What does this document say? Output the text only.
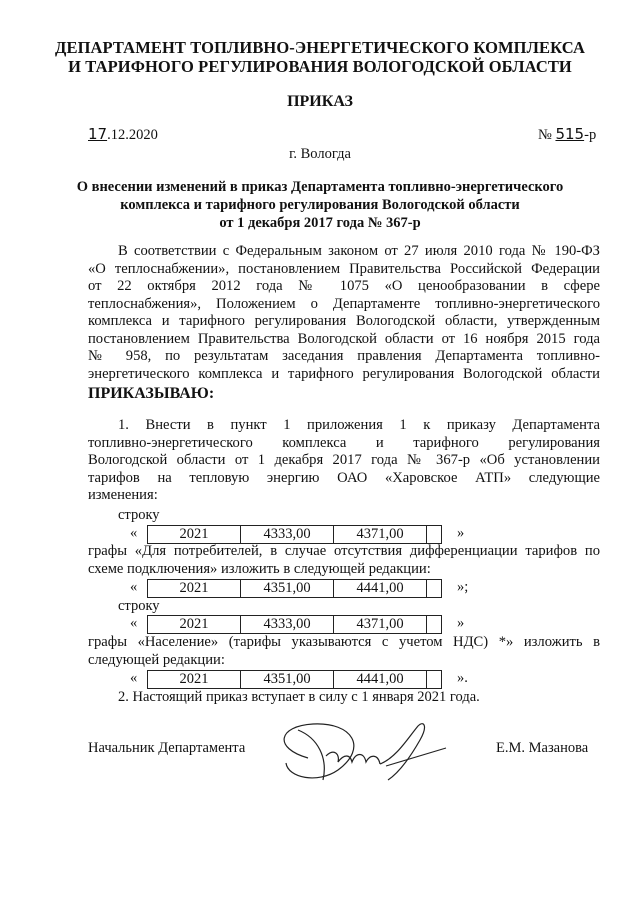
ДЕПАРТАМЕНТ ТОПЛИВНО-ЭНЕРГЕТИЧЕСКОГО КОМПЛЕКСА
И ТАРИФНОГО РЕГУЛИРОВАНИЯ ВОЛОГОДСКОЙ ОБЛАСТИ
ПРИКАЗ
17.12.2020	№ 515-р
г. Вологда
О внесении изменений в приказ Департамента топливно-энергетического
комплекса и тарифного регулирования Вологодской области
от 1 декабря 2017 года № 367-р
В соответствии с Федеральным законом от 27 июля 2010 года № 190-ФЗ
«О теплоснабжении», постановлением Правительства Российской Федерации
от 22 октября 2012 года № 1075 «О ценообразовании в сфере
теплоснабжения», Положением о Департаменте топливно-энергетического
комплекса и тарифного регулирования Вологодской области, утвержденным
постановлением Правительства Вологодской области от 16 ноября 2015 года
№ 958, по результатам заседания правления Департамента топливно-
энергетического комплекса и тарифного регулирования Вологодской области
ПРИКАЗЫВАЮ:
1. Внести в пункт 1 приложения 1 к приказу Департамента
топливно-энергетического комплекса и тарифного регулирования
Вологодской области от 1 декабря 2017 года № 367-р «Об установлении
тарифов на тепловую энергию ОАО «Харовское АТП» следующие
изменения:
строку
«	2021	4333,00	4371,00	»
графы «Для потребителей, в случае отсутствия дифференциации тарифов по
схеме подключения» изложить в следующей редакции:
«	2021	4351,00	4441,00	»;
строку
«	2021	4333,00	4371,00	»
графы «Население» (тарифы указываются с учетом НДС) *» изложить в
следующей редакции:
«	2021	4351,00	4441,00	».
2. Настоящий приказ вступает в силу с 1 января 2021 года.
Начальник Департамента	Е.М. Мазанова
